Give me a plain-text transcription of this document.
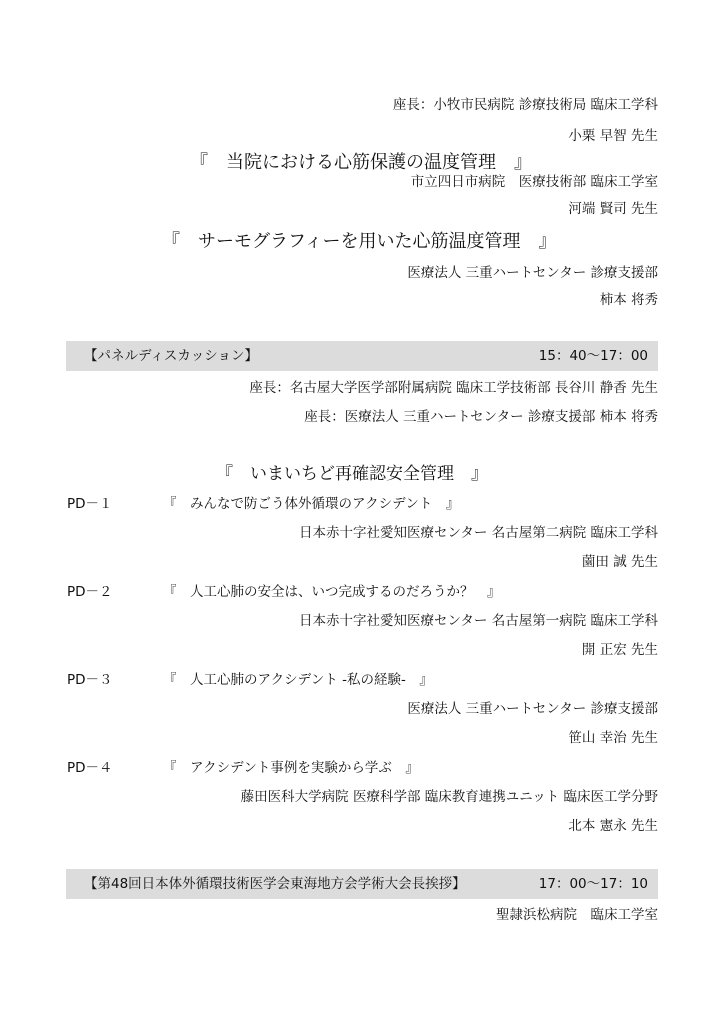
座長：小牧市民病院 診療技術局 臨床工学科
小栗 早智 先生
『　当院における心筋保護の温度管理　』
市立四日市病院　医療技術部 臨床工学室
河端 賢司 先生
『　サーモグラフィーを用いた心筋温度管理　』
医療法人 三重ハートセンター 診療支援部
柿本 将秀
【パネルディスカッション】	15：40～17：00
座長：名古屋大学医学部附属病院 臨床工学技術部 長谷川 静香 先生
座長：医療法人 三重ハートセンター 診療支援部 柿本 将秀
『　いまいちど再確認安全管理　』
PD－１	『　みんなで防ごう体外循環のアクシデント　』
日本赤十字社愛知医療センター 名古屋第二病院 臨床工学科
薗田 誠 先生
PD－２	『　人工心肺の安全は、いつ完成するのだろうか？　』
日本赤十字社愛知医療センター 名古屋第一病院 臨床工学科
開 正宏 先生
PD－３	『　人工心肺のアクシデント -私の経験-　』
医療法人 三重ハートセンター 診療支援部
笹山 幸治 先生
PD－４	『　アクシデント事例を実験から学ぶ　』
藤田医科大学病院 医療科学部 臨床教育連携ユニット 臨床医工学分野
北本 憲永 先生
【第48回日本体外循環技術医学会東海地方会学術大会長挨拶】	17：00～17：10
聖隷浜松病院　臨床工学室
